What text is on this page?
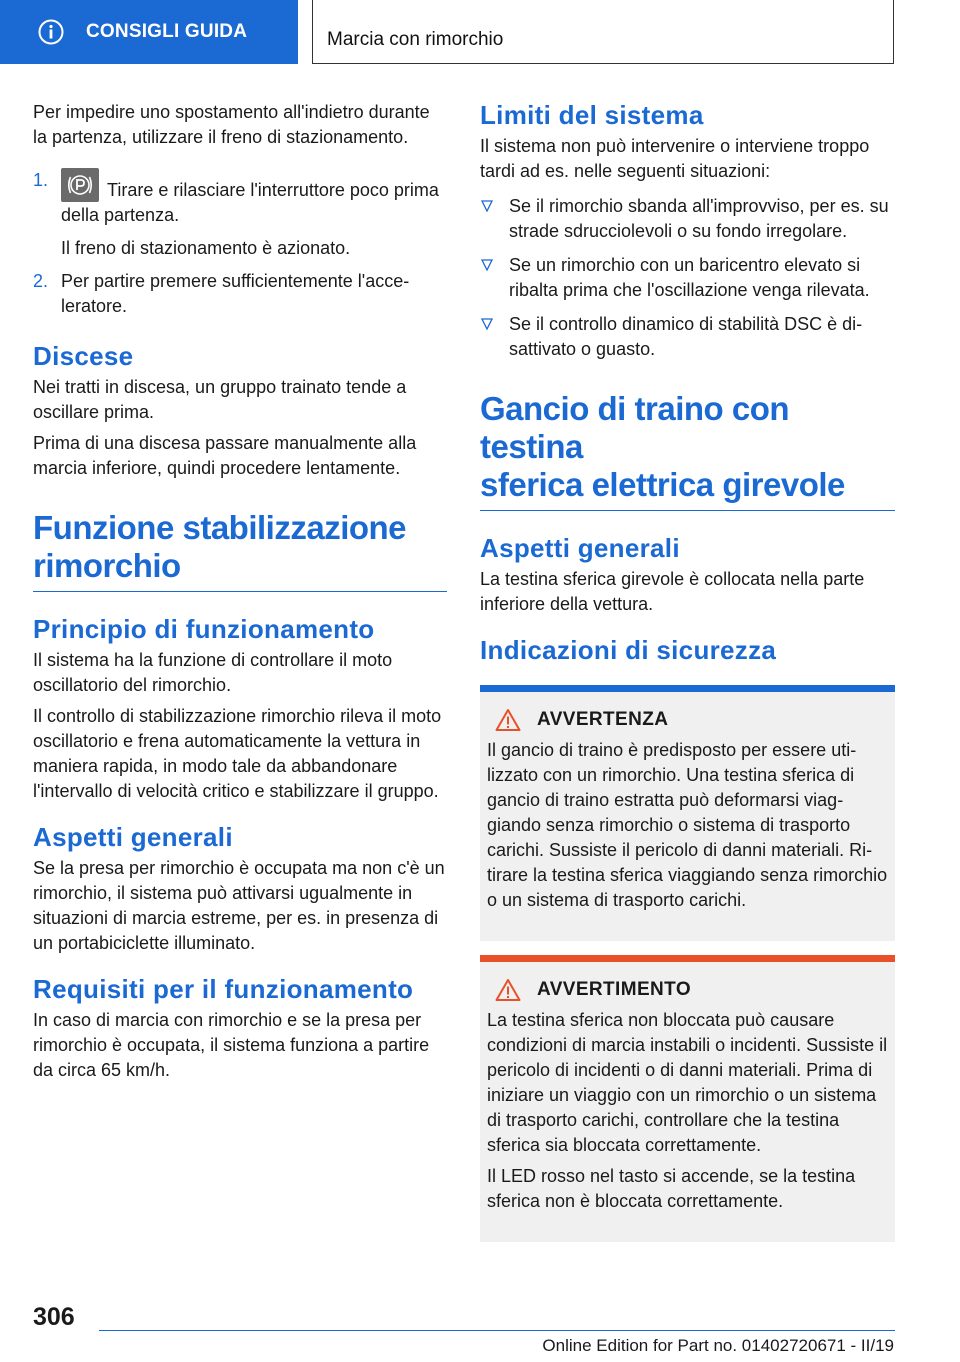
CONSIGLI GUIDA	Marcia con rimorchio

Per impedire uno spostamento all'indietro durante la partenza, utilizzare il freno di stazionamento.

1.	Tirare e rilasciare l'interruttore poco prima della partenza.
Il freno di stazionamento è azionato.
2. Per partire premere sufficientemente l'acceleratore.
Discese

Nei tratti in discesa, un gruppo trainato tende a oscillare prima.

Prima di una discesa passare manualmente alla marcia inferiore, quindi procedere lentamente.

Funzione stabilizzazione
rimorchio
Principio di funzionamento

Il sistema ha la funzione di controllare il moto oscillatorio del rimorchio.

Il controllo di stabilizzazione rimorchio rileva il moto oscillatorio e frena automaticamente la vettura in maniera rapida, in modo tale da abbandonare l'intervallo di velocità critico e stabilizzare il gruppo.

Aspetti generali

Se la presa per rimorchio è occupata ma non c'è un rimorchio, il sistema può attivarsi ugualmente in situazioni di marcia estreme, per es. in presenza di un portabiciclette illuminato.

Requisiti per il funzionamento

In caso di marcia con rimorchio e se la presa per rimorchio è occupata, il sistema funziona a partire da circa 65 km/h.

Limiti del sistema

Il sistema non può intervenire o interviene troppo tardi ad es. nelle seguenti situazioni:

Se il rimorchio sbanda all'improvviso, per es. su strade sdrucciolevoli o su fondo irregolare.
Se un rimorchio con un baricentro elevato si ribalta prima che l'oscillazione venga rilevata.
Se il controllo dinamico di stabilità DSC è disattivato o guasto.
Gancio di traino con testina
sferica elettrica girevole
Aspetti generali

La testina sferica girevole è collocata nella parte inferiore della vettura.

Indicazioni di sicurezza
AVVERTENZA

Il gancio di traino è predisposto per essere utilizzato con un rimorchio. Una testina sferica di gancio di traino estratta può deformarsi viaggiando senza rimorchio o sistema di trasporto carichi. Sussiste il pericolo di danni materiali. Ritirare la testina sferica viaggiando senza rimorchio o un sistema di trasporto carichi.

AVVERTIMENTO

La testina sferica non bloccata può causare condizioni di marcia instabili o incidenti. Sussiste il pericolo di incidenti o di danni materiali. Prima di iniziare un viaggio con un rimorchio o un sistema di trasporto carichi, controllare che la testina sferica sia bloccata correttamente.

Il LED rosso nel tasto si accende, se la testina sferica non è bloccata correttamente.

306
Online Edition for Part no. 01402720671 - II/19
